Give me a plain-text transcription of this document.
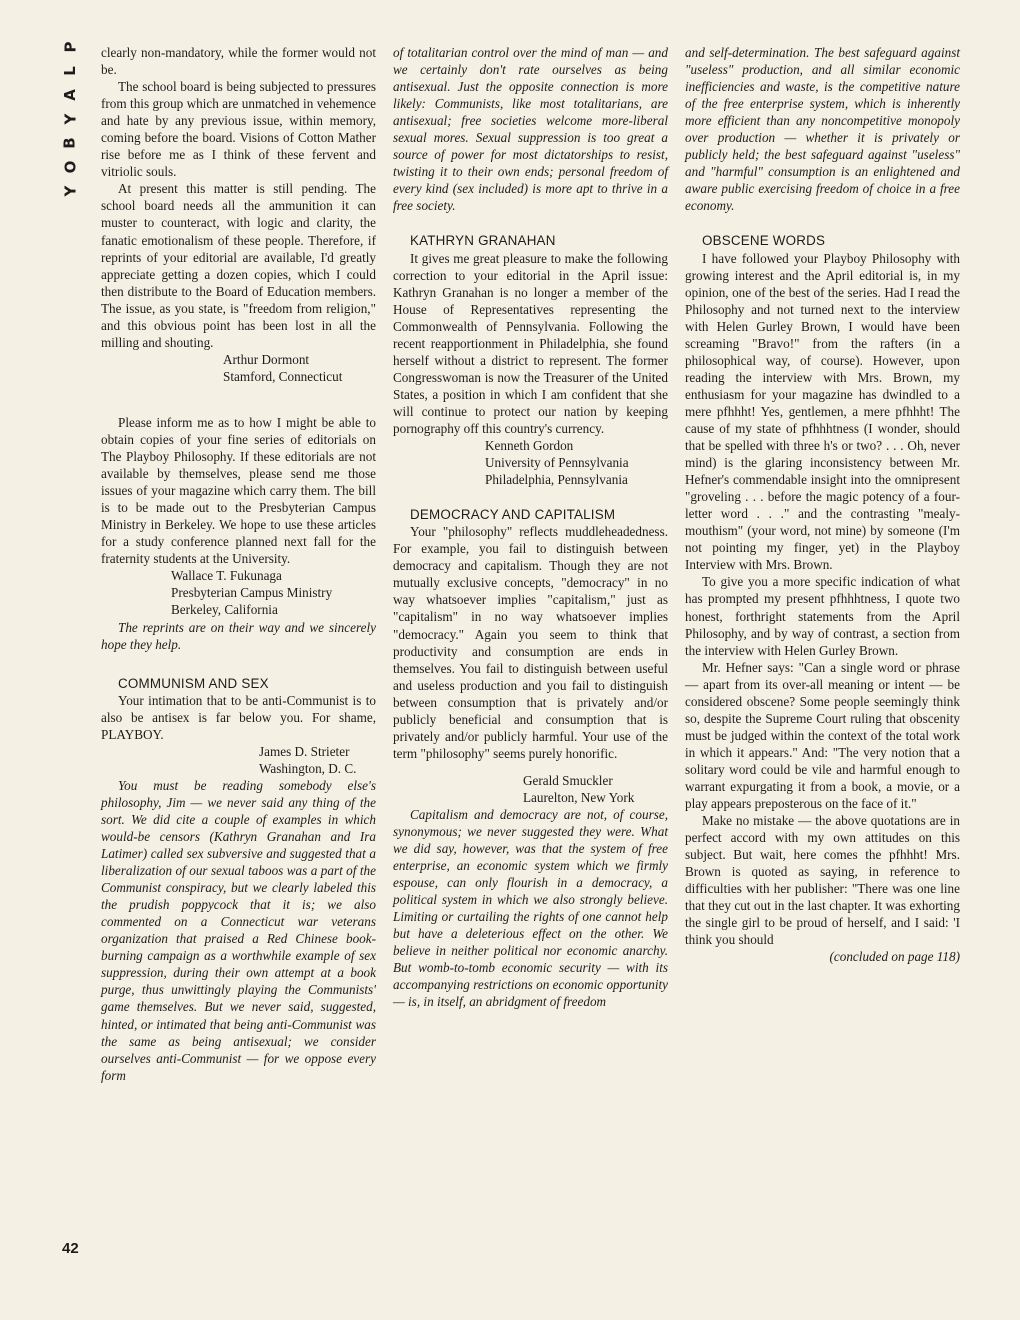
P
L
A
Y
B
O
Y
42

clearly non-mandatory, while the former would not be.

The school board is being subjected to pressures from this group which are unmatched in vehemence and hate by any previous issue, within memory, coming before the board. Visions of Cotton Mather rise before me as I think of these fervent and vitriolic souls.

At present this matter is still pending. The school board needs all the ammunition it can muster to counteract, with logic and clarity, the fanatic emotionalism of these people. Therefore, if reprints of your editorial are available, I'd greatly appreciate getting a dozen copies, which I could then distribute to the Board of Education members. The issue, as you state, is "freedom from religion," and this obvious point has been lost in all the milling and shouting.

Arthur Dormont
Stamford, Connecticut

Please inform me as to how I might be able to obtain copies of your fine series of editorials on The Playboy Philosophy. If these editorials are not available by themselves, please send me those issues of your magazine which carry them. The bill is to be made out to the Presbyterian Campus Ministry in Berkeley. We hope to use these articles for a study conference planned next fall for the fraternity students at the University.

Wallace T. Fukunaga
Presbyterian Campus Ministry
Berkeley, California

The reprints are on their way and we sincerely hope they help.

COMMUNISM AND SEX

Your intimation that to be anti-Communist is to also be antisex is far below you. For shame, PLAYBOY.

James D. Strieter
Washington, D. C.

You must be reading somebody else's philosophy, Jim — we never said any thing of the sort. We did cite a couple of examples in which would-be censors (Kathryn Granahan and Ira Latimer) called sex subversive and suggested that a liberalization of our sexual taboos was a part of the Communist conspiracy, but we clearly labeled this the prudish poppycock that it is; we also commented on a Connecticut war veterans organization that praised a Red Chinese book-burning campaign as a worthwhile example of sex suppression, during their own attempt at a book purge, thus unwittingly playing the Communists' game themselves. But we never said, suggested, hinted, or intimated that being anti-Communist was the same as being antisexual; we consider ourselves anti-Communist — for we oppose every form

of totalitarian control over the mind of man — and we certainly don't rate ourselves as being antisexual. Just the opposite connection is more likely: Communists, like most totalitarians, are antisexual; free societies welcome more-liberal sexual mores. Sexual suppression is too great a source of power for most dictatorships to resist, twisting it to their own ends; personal freedom of every kind (sex included) is more apt to thrive in a free society.

KATHRYN GRANAHAN

It gives me great pleasure to make the following correction to your editorial in the April issue: Kathryn Granahan is no longer a member of the House of Representatives representing the Commonwealth of Pennsylvania. Following the recent reapportionment in Philadelphia, she found herself without a district to represent. The former Congresswoman is now the Treasurer of the United States, a position in which I am confident that she will continue to protect our nation by keeping pornography off this country's currency.

Kenneth Gordon
University of Pennsylvania
Philadelphia, Pennsylvania

DEMOCRACY AND CAPITALISM

Your "philosophy" reflects muddleheadedness. For example, you fail to distinguish between democracy and capitalism. Though they are not mutually exclusive concepts, "democracy" in no way whatsoever implies "capitalism," just as "capitalism" in no way whatsoever implies "democracy." Again you seem to think that productivity and consumption are ends in themselves. You fail to distinguish between useful and useless production and you fail to distinguish between consumption that is privately and/or publicly beneficial and consumption that is privately and/or publicly harmful. Your use of the term "philosophy" seems purely honorific.

Gerald Smuckler
Laurelton, New York

Capitalism and democracy are not, of course, synonymous; we never suggested they were. What we did say, however, was that the system of free enterprise, an economic system which we firmly espouse, can only flourish in a democracy, a political system in which we also strongly believe. Limiting or curtailing the rights of one cannot help but have a deleterious effect on the other. We believe in neither political nor economic anarchy. But womb-to-tomb economic security — with its accompanying restrictions on economic opportunity — is, in itself, an abridgment of freedom

and self-determination. The best safeguard against "useless" production, and all similar economic inefficiencies and waste, is the competitive nature of the free enterprise system, which is inherently more efficient than any noncompetitive monopoly over production — whether it is privately or publicly held; the best safeguard against "useless" and "harmful" consumption is an enlightened and aware public exercising freedom of choice in a free economy.

OBSCENE WORDS

I have followed your Playboy Philosophy with growing interest and the April editorial is, in my opinion, one of the best of the series. Had I read the Philosophy and not turned next to the interview with Helen Gurley Brown, I would have been screaming "Bravo!" from the rafters (in a philosophical way, of course). However, upon reading the interview with Mrs. Brown, my enthusiasm for your magazine has dwindled to a mere pfhhht! Yes, gentlemen, a mere pfhhht! The cause of my state of pfhhhtness (I wonder, should that be spelled with three h's or two? . . . Oh, never mind) is the glaring inconsistency between Mr. Hefner's commendable insight into the omnipresent "groveling . . . before the magic potency of a four-letter word . . ." and the contrasting "mealy-mouthism" (your word, not mine) by someone (I'm not pointing my finger, yet) in the Playboy Interview with Mrs. Brown.

To give you a more specific indication of what has prompted my present pfhhhtness, I quote two honest, forthright statements from the April Philosophy, and by way of contrast, a section from the interview with Helen Gurley Brown.

Mr. Hefner says: "Can a single word or phrase — apart from its over-all meaning or intent — be considered obscene? Some people seemingly think so, despite the Supreme Court ruling that obscenity must be judged within the context of the total work in which it appears." And: "The very notion that a solitary word could be vile and harmful enough to warrant expurgating it from a book, a movie, or a play appears preposterous on the face of it."

Make no mistake — the above quotations are in perfect accord with my own attitudes on this subject. But wait, here comes the pfhhht! Mrs. Brown is quoted as saying, in reference to difficulties with her publisher: "There was one line that they cut out in the last chapter. It was exhorting the single girl to be proud of herself, and I said: 'I think you should

(concluded on page 118)
